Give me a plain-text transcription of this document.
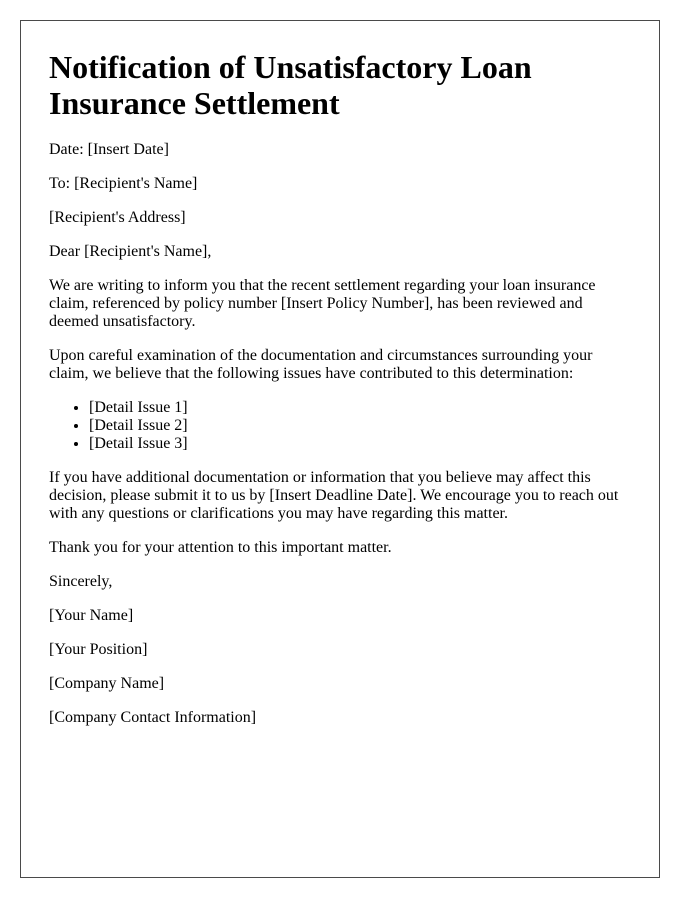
Notification of Unsatisfactory Loan Insurance Settlement

Date: [Insert Date]

To: [Recipient's Name]

[Recipient's Address]

Dear [Recipient's Name],

We are writing to inform you that the recent settlement regarding your loan insurance claim, referenced by policy number [Insert Policy Number], has been reviewed and deemed unsatisfactory.

Upon careful examination of the documentation and circumstances surrounding your claim, we believe that the following issues have contributed to this determination:

• [Detail Issue 1]
• [Detail Issue 2]
• [Detail Issue 3]

If you have additional documentation or information that you believe may affect this decision, please submit it to us by [Insert Deadline Date]. We encourage you to reach out with any questions or clarifications you may have regarding this matter.

Thank you for your attention to this important matter.

Sincerely,

[Your Name]

[Your Position]

[Company Name]

[Company Contact Information]
